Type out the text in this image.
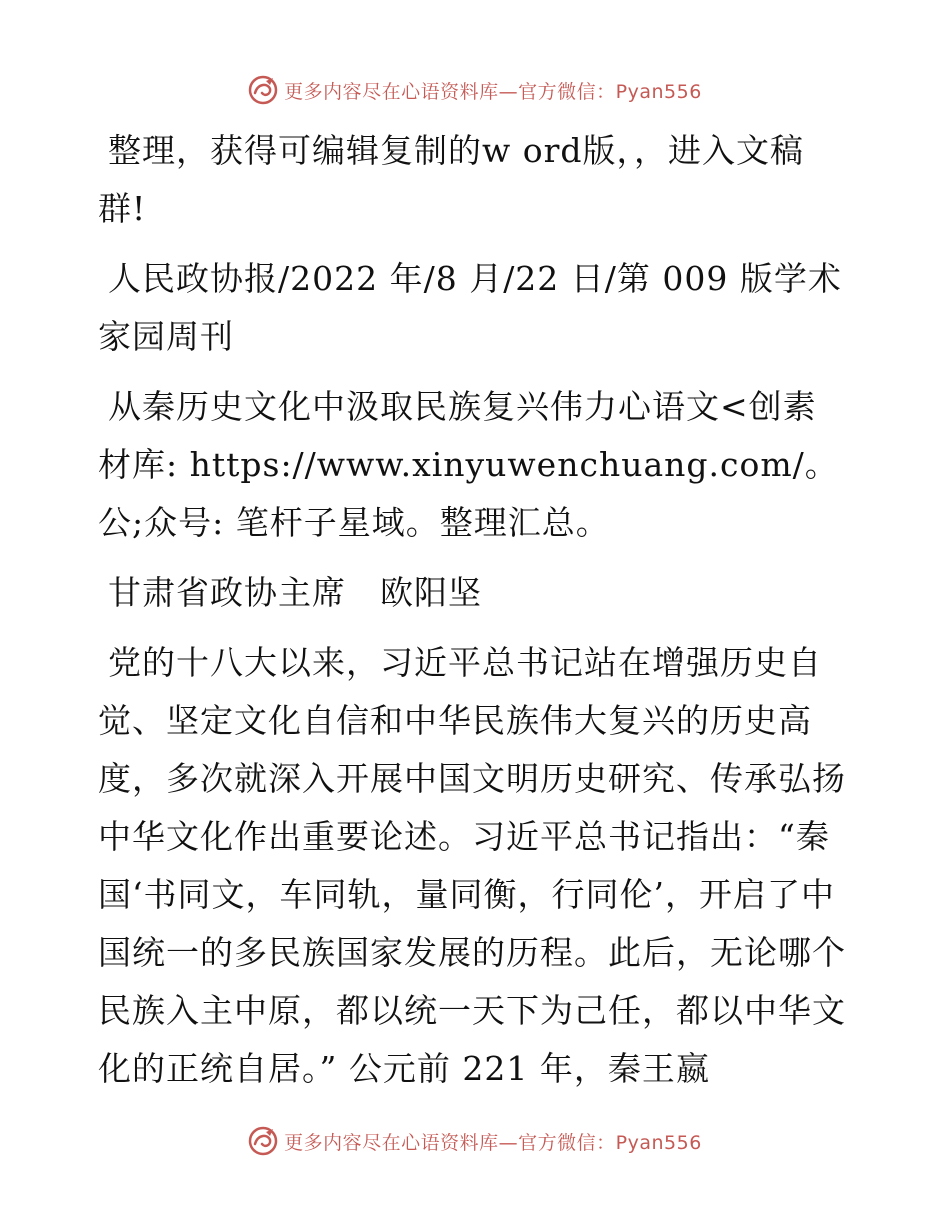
更多内容尽在心语资料库—官方微信：Pyan556

整理，获得可编辑复制的w ord版，，进入文稿群!

人民政协报/2022 年/8 月/22 日/第 009 版学术家园周刊

从秦历史文化中汲取民族复兴伟力心语文<创素材库: https://www.xinyuwenchuang.com/。公;众号: 笔杆子星域。整理汇总。

甘肃省政协主席　欧阳坚

党的十八大以来，习近平总书记站在增强历史自觉、坚定文化自信和中华民族伟大复兴的历史高度，多次就深入开展中国文明历史研究、传承弘扬中华文化作出重要论述。习近平总书记指出：“秦国‘书同文，车同轨，量同衡，行同伦’，开启了中国统一的多民族国家发展的历程。此后，无论哪个民族入主中原，都以统一天下为己任，都以中华文化的正统自居。” 公元前 221 年，秦王嬴

更多内容尽在心语资料库—官方微信：Pyan556
